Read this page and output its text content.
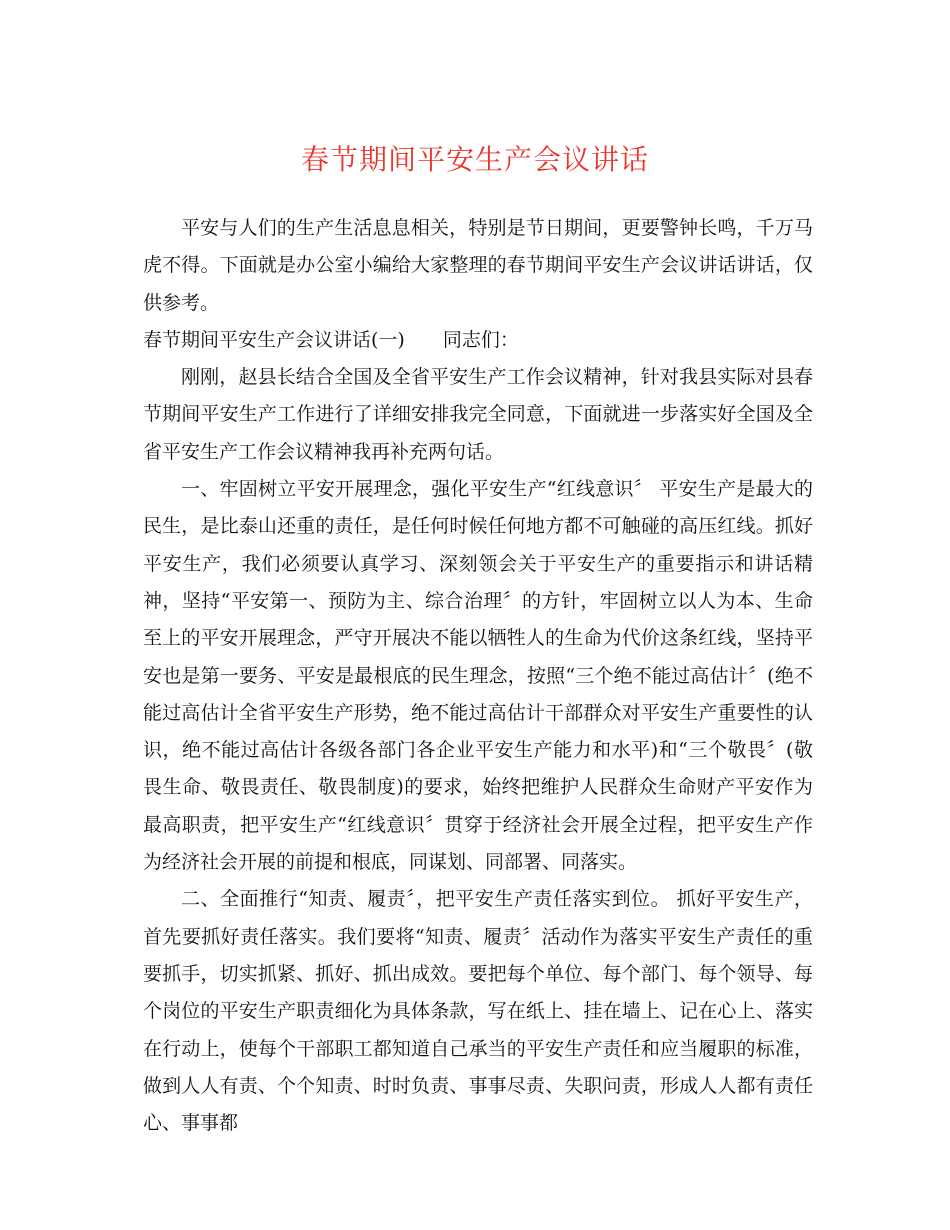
春节期间平安生产会议讲话

平安与人们的生产生活息息相关，特别是节日期间，更要警钟长鸣，千万马虎不得。下面就是办公室小编给大家整理的春节期间平安生产会议讲话讲话，仅供参考。

春节期间平安生产会议讲话(一) 同志们：

刚刚，赵县长结合全国及全省平安生产工作会议精神，针对我县实际对县春节期间平安生产工作进行了详细安排我完全同意，下面就进一步落实好全国及全省平安生产工作会议精神我再补充两句话。

一、牢固树立平安开展理念，强化平安生产“红线意识〞 平安生产是最大的民生，是比泰山还重的责任，是任何时候任何地方都不可触碰的高压红线。抓好平安生产，我们必须要认真学习、深刻领会关于平安生产的重要指示和讲话精神，坚持“平安第一、预防为主、综合治理〞的方针，牢固树立以人为本、生命至上的平安开展理念，严守开展决不能以牺牲人的生命为代价这条红线，坚持平安也是第一要务、平安是最根底的民生理念，按照“三个绝不能过高估计〞(绝不能过高估计全省平安生产形势，绝不能过高估计干部群众对平安生产重要性的认识，绝不能过高估计各级各部门各企业平安生产能力和水平)和“三个敬畏〞(敬畏生命、敬畏责任、敬畏制度)的要求，始终把维护人民群众生命财产平安作为最高职责，把平安生产“红线意识〞贯穿于经济社会开展全过程，把平安生产作为经济社会开展的前提和根底，同谋划、同部署、同落实。

二、全面推行“知责、履责〞，把平安生产责任落实到位。 抓好平安生产，首先要抓好责任落实。我们要将“知责、履责〞活动作为落实平安生产责任的重要抓手，切实抓紧、抓好、抓出成效。要把每个单位、每个部门、每个领导、每个岗位的平安生产职责细化为具体条款，写在纸上、挂在墙上、记在心上、落实在行动上，使每个干部职工都知道自己承当的平安生产责任和应当履职的标准，做到人人有责、个个知责、时时负责、事事尽责、失职问责，形成人人都有责任心、事事都
